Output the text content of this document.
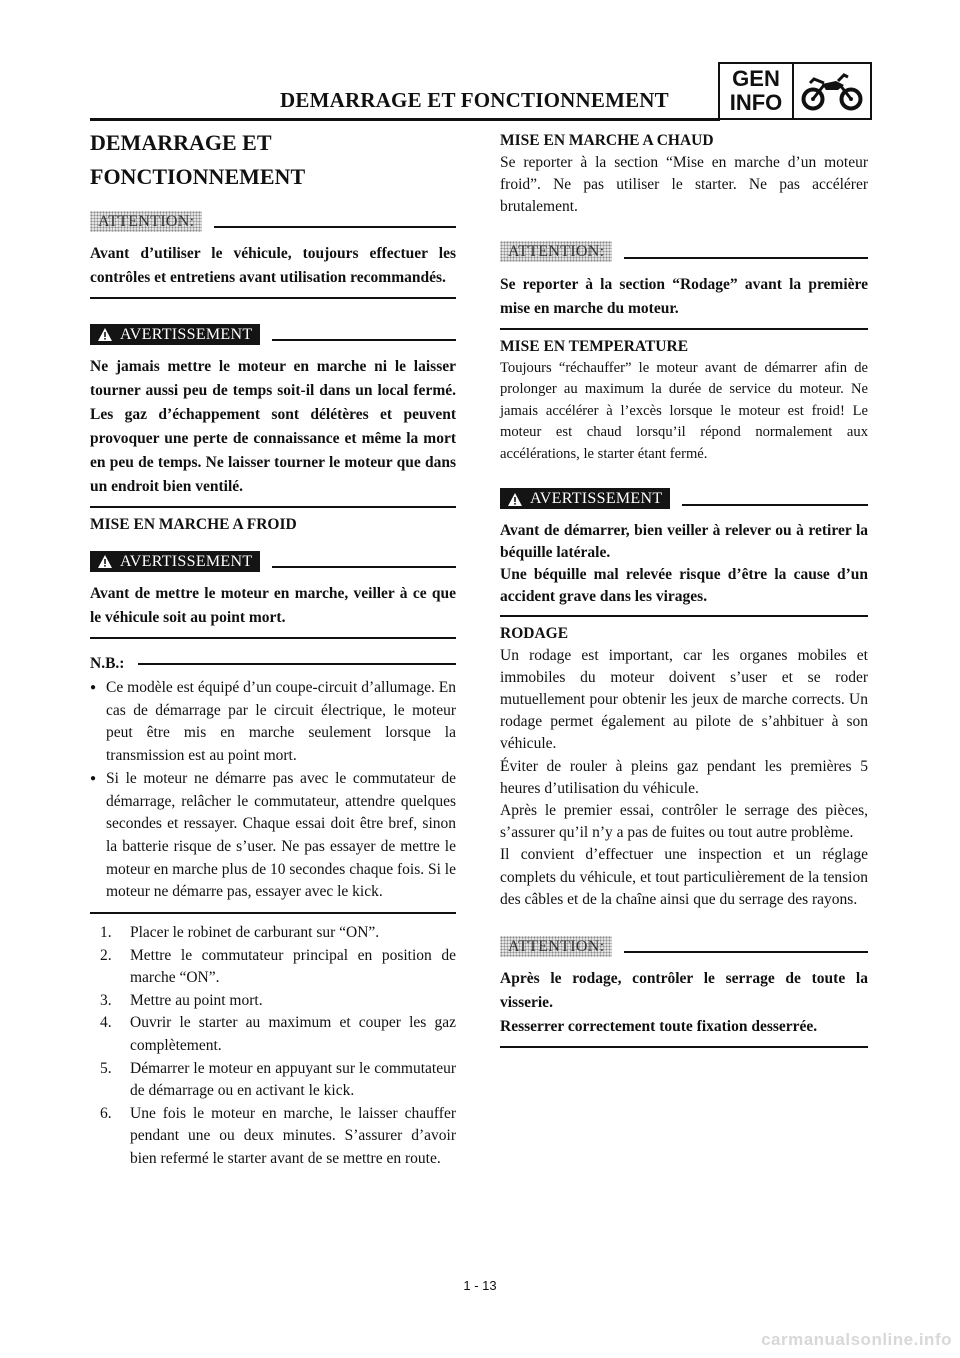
DEMARRAGE ET FONCTIONNEMENT
GEN
INFO

DEMARRAGE ET FONCTIONNEMENT

ATTENTION:

Avant d’utiliser le véhicule, toujours effectuer les contrôles et entretiens avant utilisation recommandés.

AVERTISSEMENT

Ne jamais mettre le moteur en marche ni le laisser tourner aussi peu de temps soit-il dans un local fermé. Les gaz d’échappement sont délétères et peuvent provoquer une perte de connaissance et même la mort en peu de temps. Ne laisser tourner le moteur que dans un endroit bien ventilé.

MISE EN MARCHE A FROID

AVERTISSEMENT

Avant de mettre le moteur en marche, veiller à ce que le véhicule soit au point mort.

N.B.:
● Ce modèle est équipé d’un coupe-circuit d’allumage. En cas de démarrage par le circuit électrique, le moteur peut être mis en marche seulement lorsque la transmission est au point mort.
● Si le moteur ne démarre pas avec le commutateur de démarrage, relâcher le commutateur, attendre quelques secondes et ressayer. Chaque essai doit être bref, sinon la batterie risque de s’user. Ne pas essayer de mettre le moteur en marche plus de 10 secondes chaque fois. Si le moteur ne démarre pas, essayer avec le kick.
1. Placer le robinet de carburant sur “ON”.
2. Mettre le commutateur principal en position de marche “ON”.
3. Mettre au point mort.
4. Ouvrir le starter au maximum et couper les gaz complètement.
5. Démarrer le moteur en appuyant sur le commutateur de démarrage ou en activant le kick.
6. Une fois le moteur en marche, le laisser chauffer pendant une ou deux minutes. S’assurer d’avoir bien refermé le starter avant de se mettre en route.

MISE EN MARCHE A CHAUD

Se reporter à la section “Mise en marche d’un moteur froid”. Ne pas utiliser le starter. Ne pas accélérer brutalement.

ATTENTION:

Se reporter à la section “Rodage” avant la première mise en marche du moteur.

MISE EN TEMPERATURE

Toujours “réchauffer” le moteur avant de démarrer afin de prolonger au maximum la durée de service du moteur. Ne jamais accélérer à l’excès lorsque le moteur est froid! Le moteur est chaud lorsqu’il répond normalement aux accélérations, le starter étant fermé.

AVERTISSEMENT

Avant de démarrer, bien veiller à relever ou à retirer la béquille latérale.

Une béquille mal relevée risque d’être la cause d’un accident grave dans les virages.

RODAGE

Un rodage est important, car les organes mobiles et immobiles du moteur doivent s’user et se roder mutuellement pour obtenir les jeux de marche corrects. Un rodage permet également au pilote de s’ahbituer à son véhicule.

Éviter de rouler à pleins gaz pendant les premières 5 heures d’utilisation du véhicule.

Après le premier essai, contrôler le serrage des pièces, s’assurer qu’il n’y a pas de fuites ou tout autre problème.

Il convient d’effectuer une inspection et un réglage complets du véhicule, et tout particulièrement de la tension des câbles et de la chaîne ainsi que du serrage des rayons.

ATTENTION:

Après le rodage, contrôler le serrage de toute la visserie.

Resserrer correctement toute fixation desserrée.

1 - 13
carmanualsonline.info
